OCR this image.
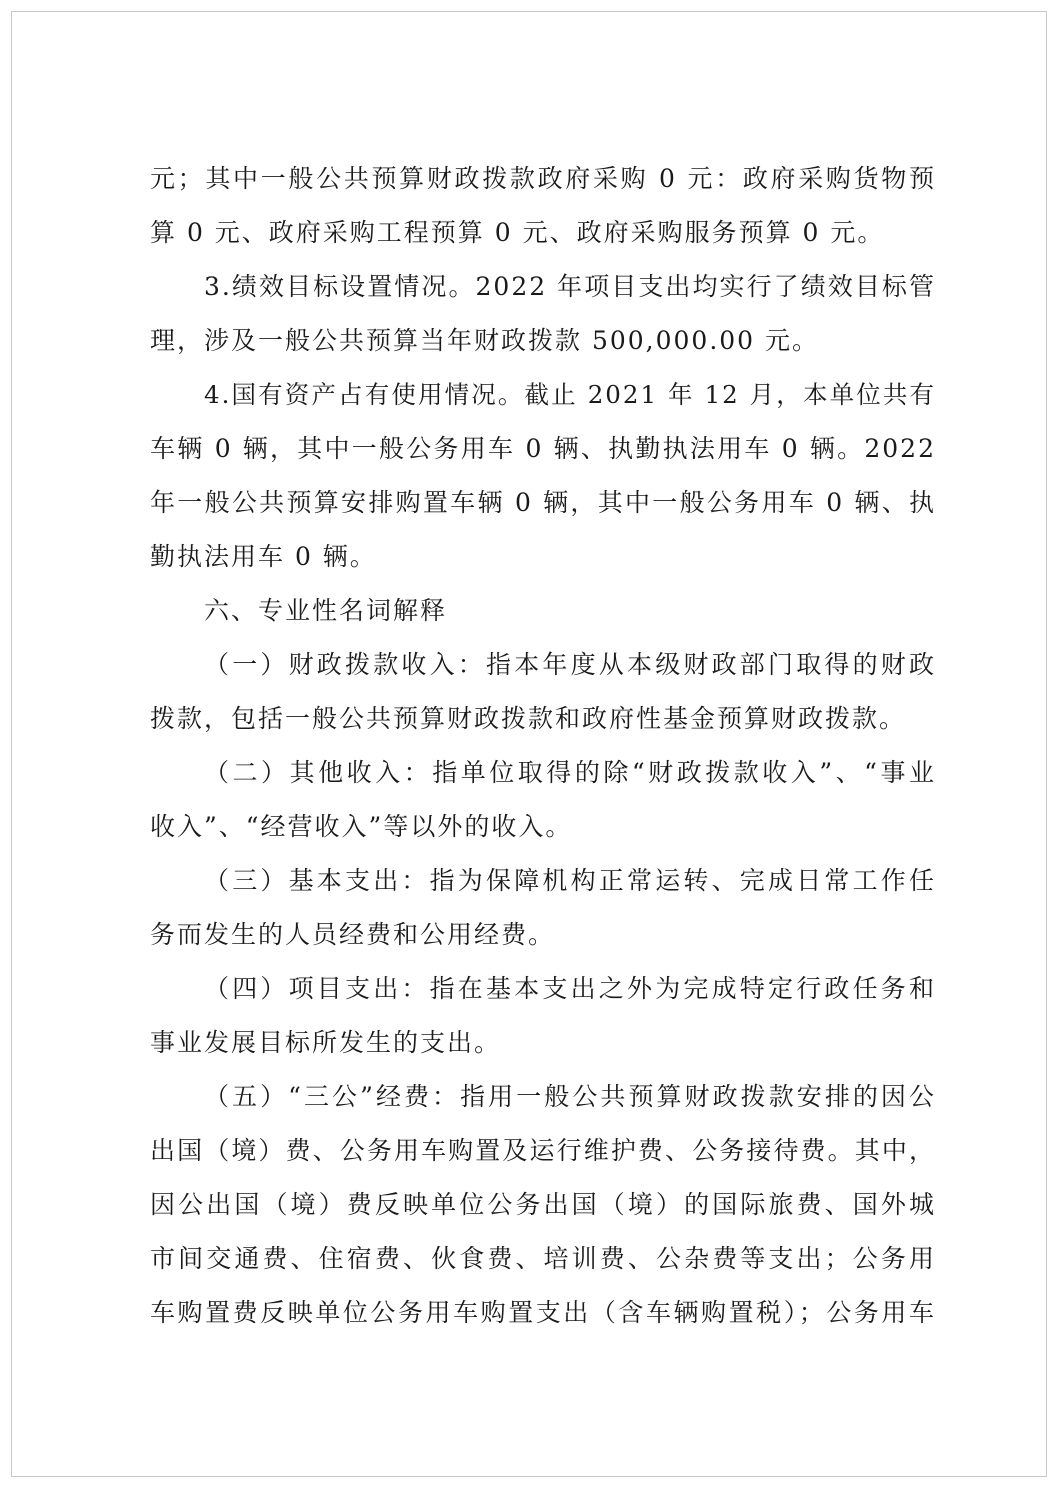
元；其中一般公共预算财政拨款政府采购 0 元：政府采购货物预
算 0 元、政府采购工程预算 0 元、政府采购服务预算 0 元。
3.绩效目标设置情况。2022 年项目支出均实行了绩效目标管
理，涉及一般公共预算当年财政拨款 500,000.00 元。
4.国有资产占有使用情况。截止 2021 年 12 月，本单位共有
车辆 0 辆，其中一般公务用车 0 辆、执勤执法用车 0 辆。2022
年一般公共预算安排购置车辆 0 辆，其中一般公务用车 0 辆、执
勤执法用车 0 辆。
六、专业性名词解释
（一）财政拨款收入：指本年度从本级财政部门取得的财政
拨款，包括一般公共预算财政拨款和政府性基金预算财政拨款。
（二）其他收入：指单位取得的除“财政拨款收入”、“事业
收入”、“经营收入”等以外的收入。
（三）基本支出：指为保障机构正常运转、完成日常工作任
务而发生的人员经费和公用经费。
（四）项目支出：指在基本支出之外为完成特定行政任务和
事业发展目标所发生的支出。
（五）“三公”经费：指用一般公共预算财政拨款安排的因公
出国（境）费、公务用车购置及运行维护费、公务接待费。其中，
因公出国（境）费反映单位公务出国（境）的国际旅费、国外城
市间交通费、住宿费、伙食费、培训费、公杂费等支出；公务用
车购置费反映单位公务用车购置支出（含车辆购置税）；公务用车
